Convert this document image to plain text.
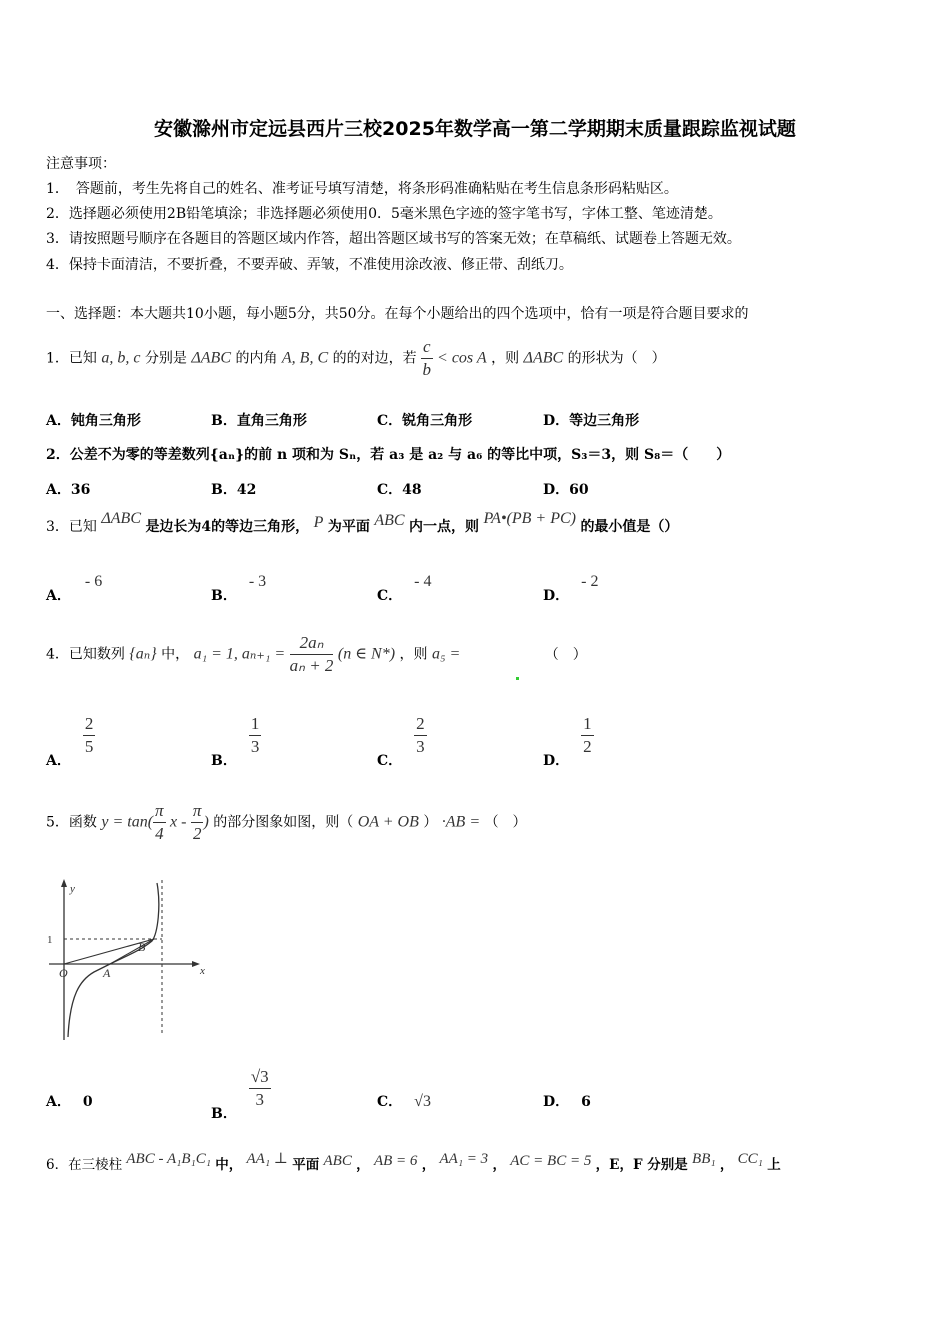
安徽滁州市定远县西片三校2025年数学高一第二学期期末质量跟踪监视试题
注意事项：
1．　答题前，考生先将自己的姓名、准考证号填写清楚，将条形码准确粘贴在考生信息条形码粘贴区。
2．选择题必须使用2B铅笔填涂；非选择题必须使用0．5毫米黑色字迹的签字笔书写，字体工整、笔迹清楚。
3．请按照题号顺序在各题目的答题区域内作答，超出答题区域书写的答案无效；在草稿纸、试题卷上答题无效。
4．保持卡面清洁，不要折叠，不要弄破、弄皱，不准使用涂改液、修正带、刮纸刀。
一、选择题：本大题共10小题，每小题5分，共50分。在每个小题给出的四个选项中，恰有一项是符合题目要求的
1．已知 a, b, c 分别是 ΔABC 的内角 A, B, C 的的对边，若 $\frac{c}{b} < \cos A$ ，则 ΔABC 的形状为（　）
A．钝角三角形	B．直角三角形	C．锐角三角形	D．等边三角形
2．公差不为零的等差数列{aₙ}的前 n 项和为 Sₙ，若 a₃ 是 a₂ 与 a₆ 的等比中项，S₃＝3，则 S₈＝（　　）
A．36	B．42	C．48	D．60
3．已知 ΔABC 是边长为4的等边三角形， P 为平面 ABC 内一点，则 PA•(PB + PC) 的最小值是（）
A．- 6
B．- 3
C．- 4
D．- 2
4．已知数列 {aₙ} 中， a₁ = 1, $a_{n+1} = \frac{\text{2aₙ}}{\text{aₙ + 2}} (n$ ∈ N*) ，则 a₅ =	（　）
A．
$\frac{2}{5}$
B．
$\frac{1}{3}$
C．
$\frac{2}{3}$
D．
$\frac{1}{2}$
5．函数 $y = \tan( \frac{\pi}{4}$ x - $\frac{\pi}{2}$ ) 的部分图象如图，则（ OA + OB ） ·AB = （　）
y
x
1
O	A
B
A． 0
B．
$\frac{√3}{3}$	C． √3	D． 6
6．在三棱柱 ABC - A₁B₁C₁ 中， AA₁ ⊥ 平面 ABC ， AB = 6 ， AA₁ = 3 ， AC = BC = 5 ，E，F 分别是 BB₁ ， CC₁ 上
